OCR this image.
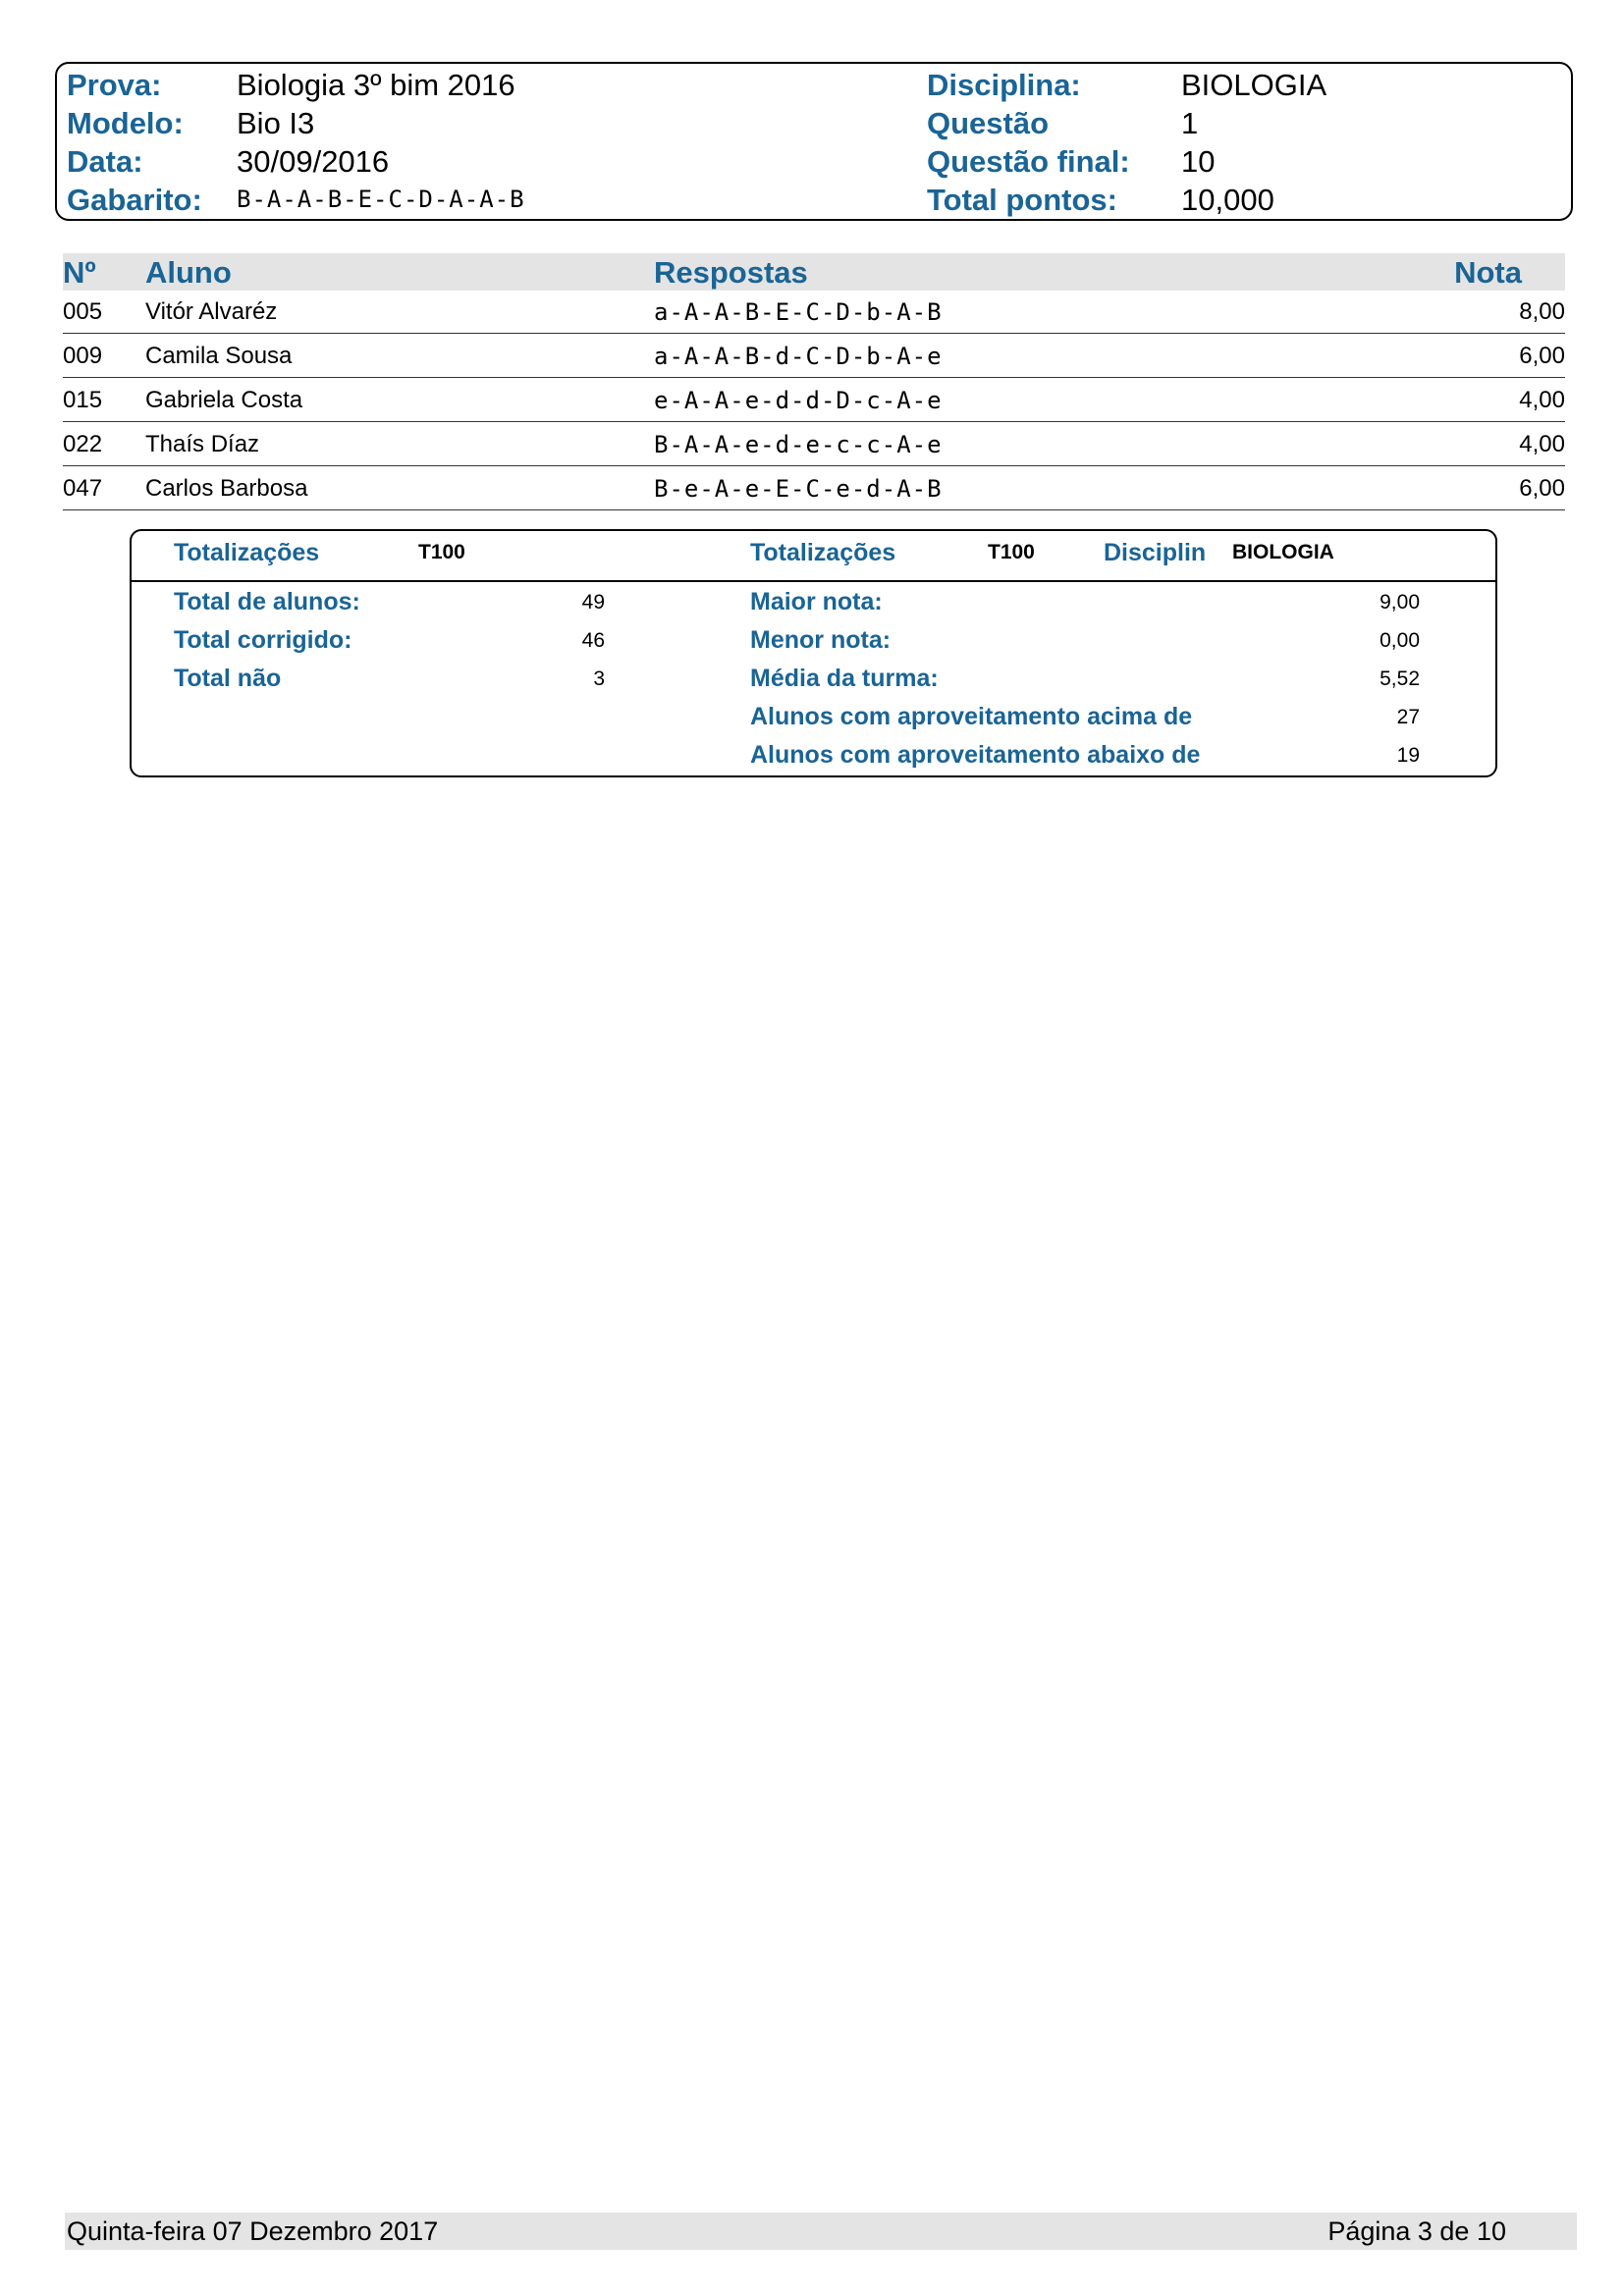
Prova: Biologia 3º bim 2016
Modelo: Bio I3
Data:	30/09/2016
Gabarito: B-A-A-B-E-C-D-A-A-B
Disciplina:	BIOLOGIA
Questão	1
Questão final: 10
Total pontos: 10,000
Nº Aluno	Respostas	Nota
005 Vitór Alvaréz	a-A-A-B-E-C-D-b-A-B	8,00
009 Camila Sousa	a-A-A-B-d-C-D-b-A-e	6,00
015 Gabriela Costa	e-A-A-e-d-d-D-c-A-e	4,00
022 Thaís Díaz	B-A-A-e-d-e-c-c-A-e	4,00
047 Carlos Barbosa	B-e-A-e-E-C-e-d-A-B	6,00
Totalizações	T100	Totalizações	T100	Disciplin BIOLOGIA
Total de alunos:	49
Total corrigido:	46
Total não	3
Maior nota:	9,00
Menor nota:	0,00
Média da turma:	5,52
Alunos com aproveitamento acima de	27
Alunos com aproveitamento abaixo de	19
Quinta-feira 07 Dezembro 2017	Página 3 de 10
